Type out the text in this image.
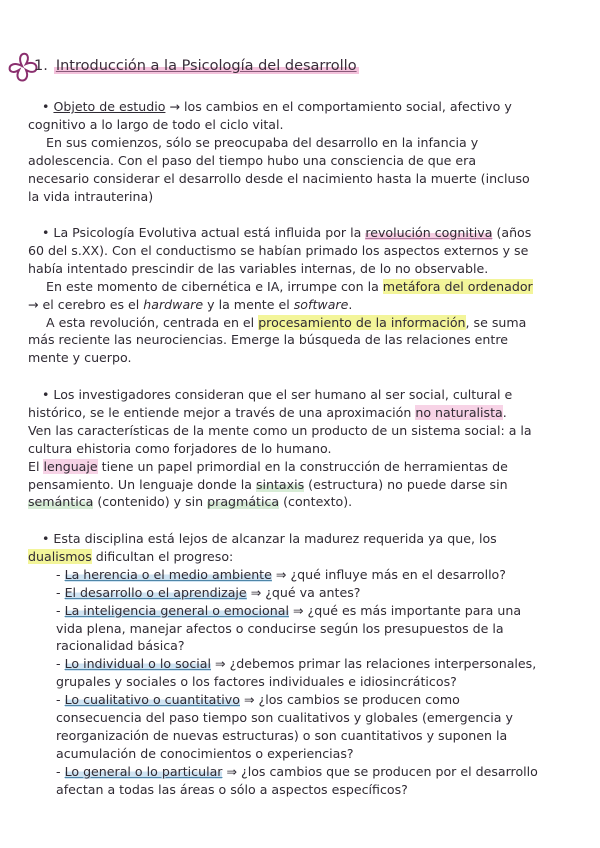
1. Introducción a la Psicología del desarrollo
• Objeto de estudio → los cambios en el comportamiento social, afectivo y
cognitivo a lo largo de todo el ciclo vital.
En sus comienzos, sólo se preocupaba del desarrollo en la infancia y
adolescencia. Con el paso del tiempo hubo una consciencia de que era
necesario considerar el desarrollo desde el nacimiento hasta la muerte (incluso
la vida intrauterina)
• La Psicología Evolutiva actual está influida por la revolución cognitiva (años
60 del s.XX). Con el conductismo se habían primado los aspectos externos y se
había intentado prescindir de las variables internas, de lo no observable.
En este momento de cibernética e IA, irrumpe con la metáfora del ordenador
→ el cerebro es el hardware y la mente el software.
A esta revolución, centrada en el procesamiento de la información, se suma
más reciente las neurociencias. Emerge la búsqueda de las relaciones entre
mente y cuerpo.
• Los investigadores consideran que el ser humano al ser social, cultural e
histórico, se le entiende mejor a través de una aproximación no naturalista.
Ven las características de la mente como un producto de un sistema social: a la
cultura ehistoria como forjadores de lo humano.
El lenguaje tiene un papel primordial en la construcción de herramientas de
pensamiento. Un lenguaje donde la sintaxis (estructura) no puede darse sin
semántica (contenido) y sin pragmática (contexto).
• Esta disciplina está lejos de alcanzar la madurez requerida ya que, los
dualismos dificultan el progreso:
- La herencia o el medio ambiente ⇒ ¿qué influye más en el desarrollo?
- El desarrollo o el aprendizaje ⇒ ¿qué va antes?
- La inteligencia general o emocional ⇒ ¿qué es más importante para una
vida plena, manejar afectos o conducirse según los presupuestos de la
racionalidad básica?
- Lo individual o lo social ⇒ ¿debemos primar las relaciones interpersonales,
grupales y sociales o los factores individuales e idiosincráticos?
- Lo cualitativo o cuantitativo ⇒ ¿los cambios se producen como
consecuencia del paso tiempo son cualitativos y globales (emergencia y
reorganización de nuevas estructuras) o son cuantitativos y suponen la
acumulación de conocimientos o experiencias?
- Lo general o lo particular ⇒ ¿los cambios que se producen por el desarrollo
afectan a todas las áreas o sólo a aspectos específicos?
